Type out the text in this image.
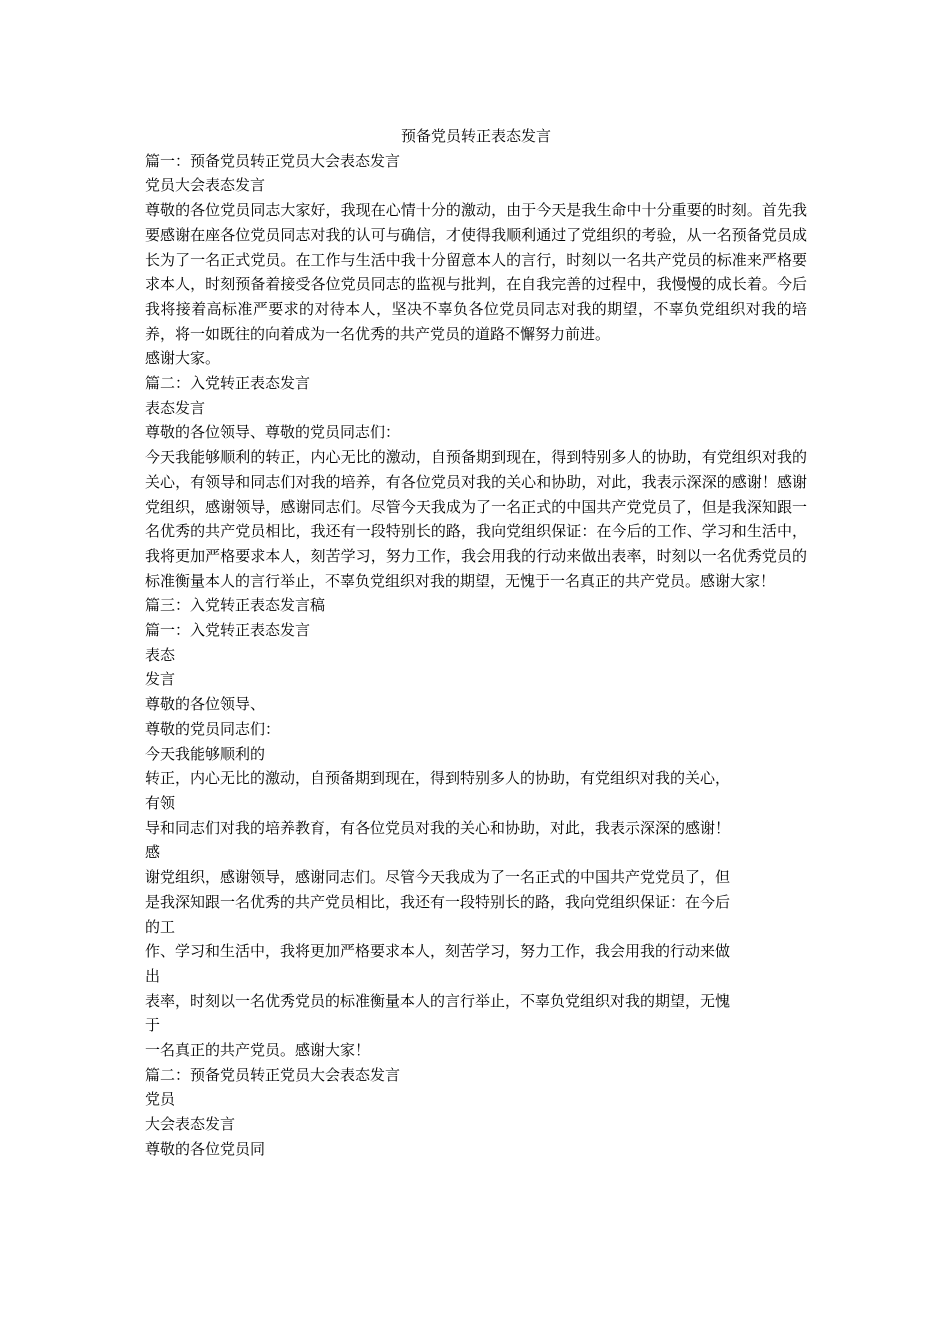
预备党员转正表态发言

篇一：预备党员转正党员大会表态发言

党员大会表态发言

尊敬的各位党员同志大家好，我现在心情十分的激动，由于今天是我生命中十分重要的时刻。首先我要感谢在座各位党员同志对我的认可与确信，才使得我顺利通过了党组织的考验，从一名预备党员成长为了一名正式党员。在工作与生活中我十分留意本人的言行，时刻以一名共产党员的标准来严格要求本人，时刻预备着接受各位党员同志的监视与批判，在自我完善的过程中，我慢慢的成长着。今后我将接着高标准严要求的对待本人，坚决不辜负各位党员同志对我的期望，不辜负党组织对我的培养，将一如既往的向着成为一名优秀的共产党员的道路不懈努力前进。

感谢大家。

篇二：入党转正表态发言

表态发言

尊敬的各位领导、尊敬的党员同志们：

今天我能够顺利的转正，内心无比的激动，自预备期到现在，得到特别多人的协助，有党组织对我的关心，有领导和同志们对我的培养，有各位党员对我的关心和协助，对此，我表示深深的感谢！感谢党组织，感谢领导，感谢同志们。尽管今天我成为了一名正式的中国共产党党员了，但是我深知跟一名优秀的共产党员相比，我还有一段特别长的路，我向党组织保证：在今后的工作、学习和生活中，我将更加严格要求本人，刻苦学习，努力工作，我会用我的行动来做出表率，时刻以一名优秀党员的标准衡量本人的言行举止，不辜负党组织对我的期望，无愧于一名真正的共产党员。感谢大家！

篇三：入党转正表态发言稿

篇一：入党转正表态发言

表态

发言

尊敬的各位领导、

尊敬的党员同志们：

今天我能够顺利的

转正，内心无比的激动，自预备期到现在，得到特别多人的协助，有党组织对我的关心，

有领

导和同志们对我的培养教育，有各位党员对我的关心和协助，对此，我表示深深的感谢！

感

谢党组织，感谢领导，感谢同志们。尽管今天我成为了一名正式的中国共产党党员了，但

是我深知跟一名优秀的共产党员相比，我还有一段特别长的路，我向党组织保证：在今后

的工

作、学习和生活中，我将更加严格要求本人，刻苦学习，努力工作，我会用我的行动来做

出

表率，时刻以一名优秀党员的标准衡量本人的言行举止，不辜负党组织对我的期望，无愧

于

一名真正的共产党员。感谢大家！

篇二：预备党员转正党员大会表态发言

党员

大会表态发言

尊敬的各位党员同
